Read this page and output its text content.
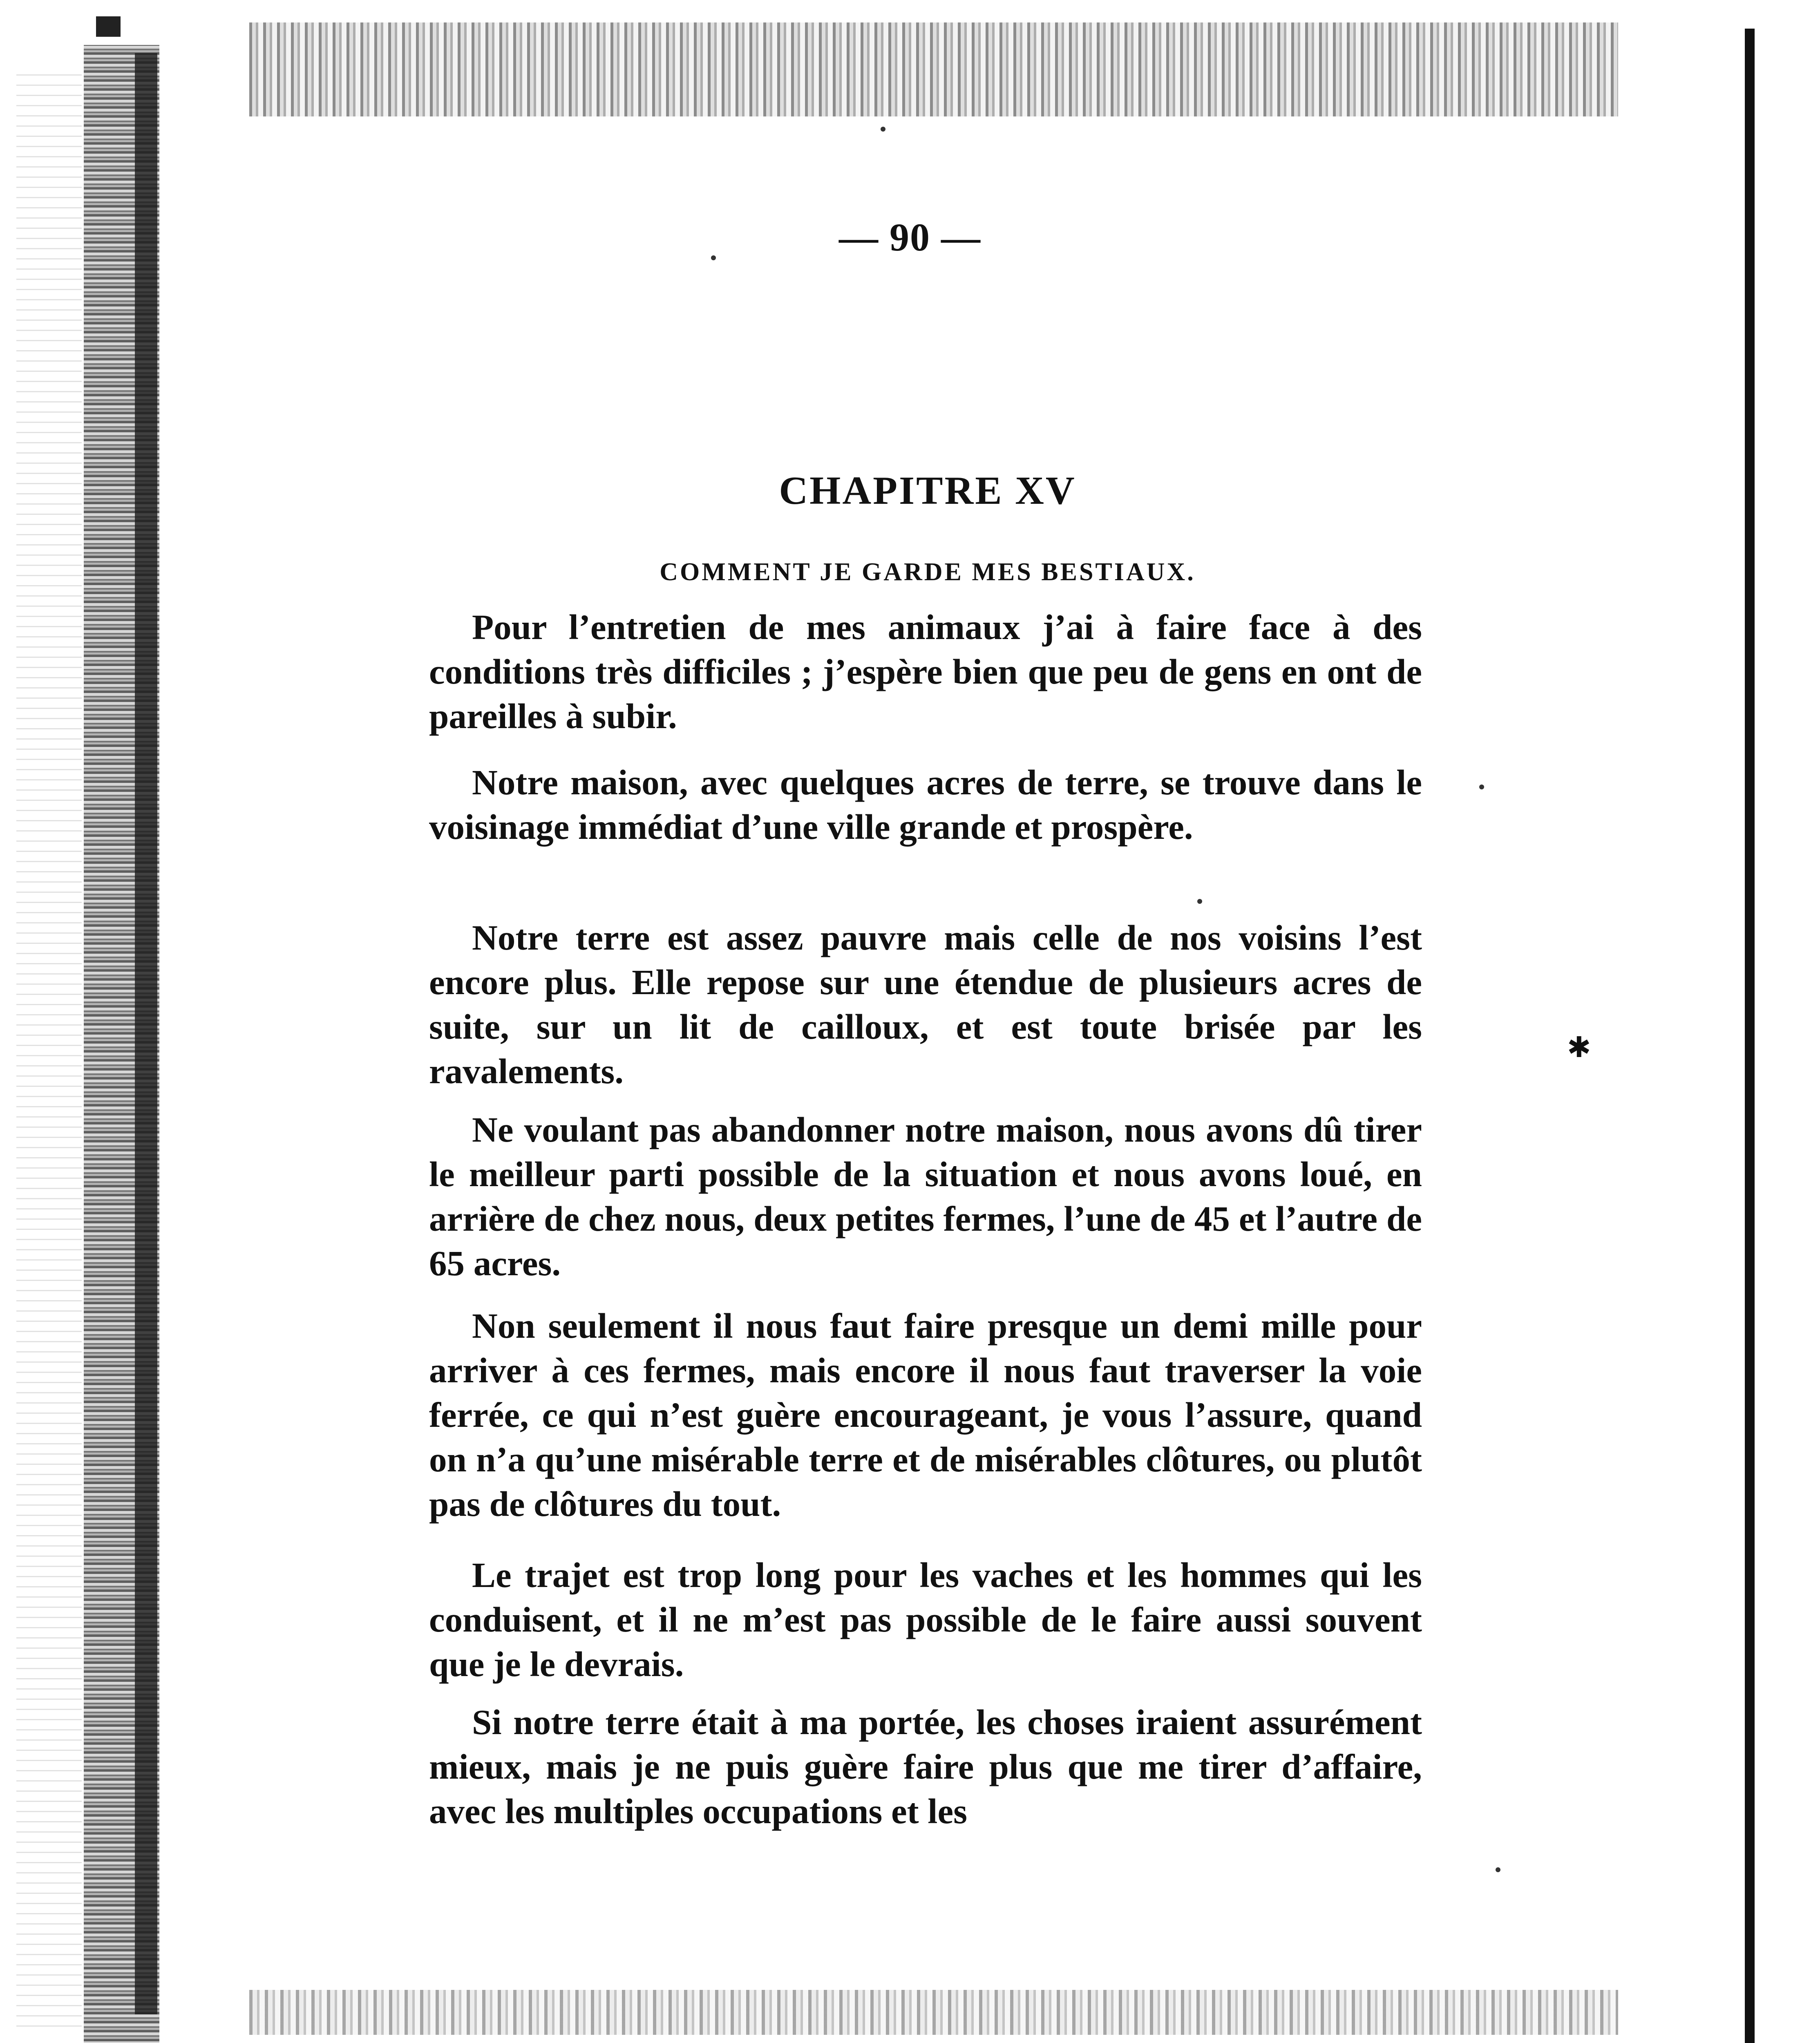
✱
— 90 —
CHAPITRE XV
COMMENT JE GARDE MES BESTIAUX.

Pour l’entretien de mes animaux j’ai à faire face à des conditions très difficiles ; j’espère bien que peu de gens en ont de pareilles à subir.

Notre maison, avec quelques acres de terre, se trouve dans le voisinage immédiat d’une ville grande et prospère.

Notre terre est assez pauvre mais celle de nos voisins l’est encore plus. Elle repose sur une étendue de plusieurs acres de suite, sur un lit de cailloux, et est toute brisée par les ravalements.

Ne voulant pas abandonner notre maison, nous avons dû tirer le meilleur parti possible de la situation et nous avons loué, en arrière de chez nous, deux petites fermes, l’une de 45 et l’autre de 65 acres.

Non seulement il nous faut faire presque un demi mille pour arriver à ces fermes, mais encore il nous faut traverser la voie ferrée, ce qui n’est guère encourageant, je vous l’assure, quand on n’a qu’une misérable terre et de misérables clôtures, ou plutôt pas de clôtures du tout.

Le trajet est trop long pour les vaches et les hommes qui les conduisent, et il ne m’est pas possible de le faire aussi souvent que je le devrais.

Si notre terre était à ma portée, les choses iraient assurément mieux, mais je ne puis guère faire plus que me tirer d’affaire, avec les multiples occupations et les
